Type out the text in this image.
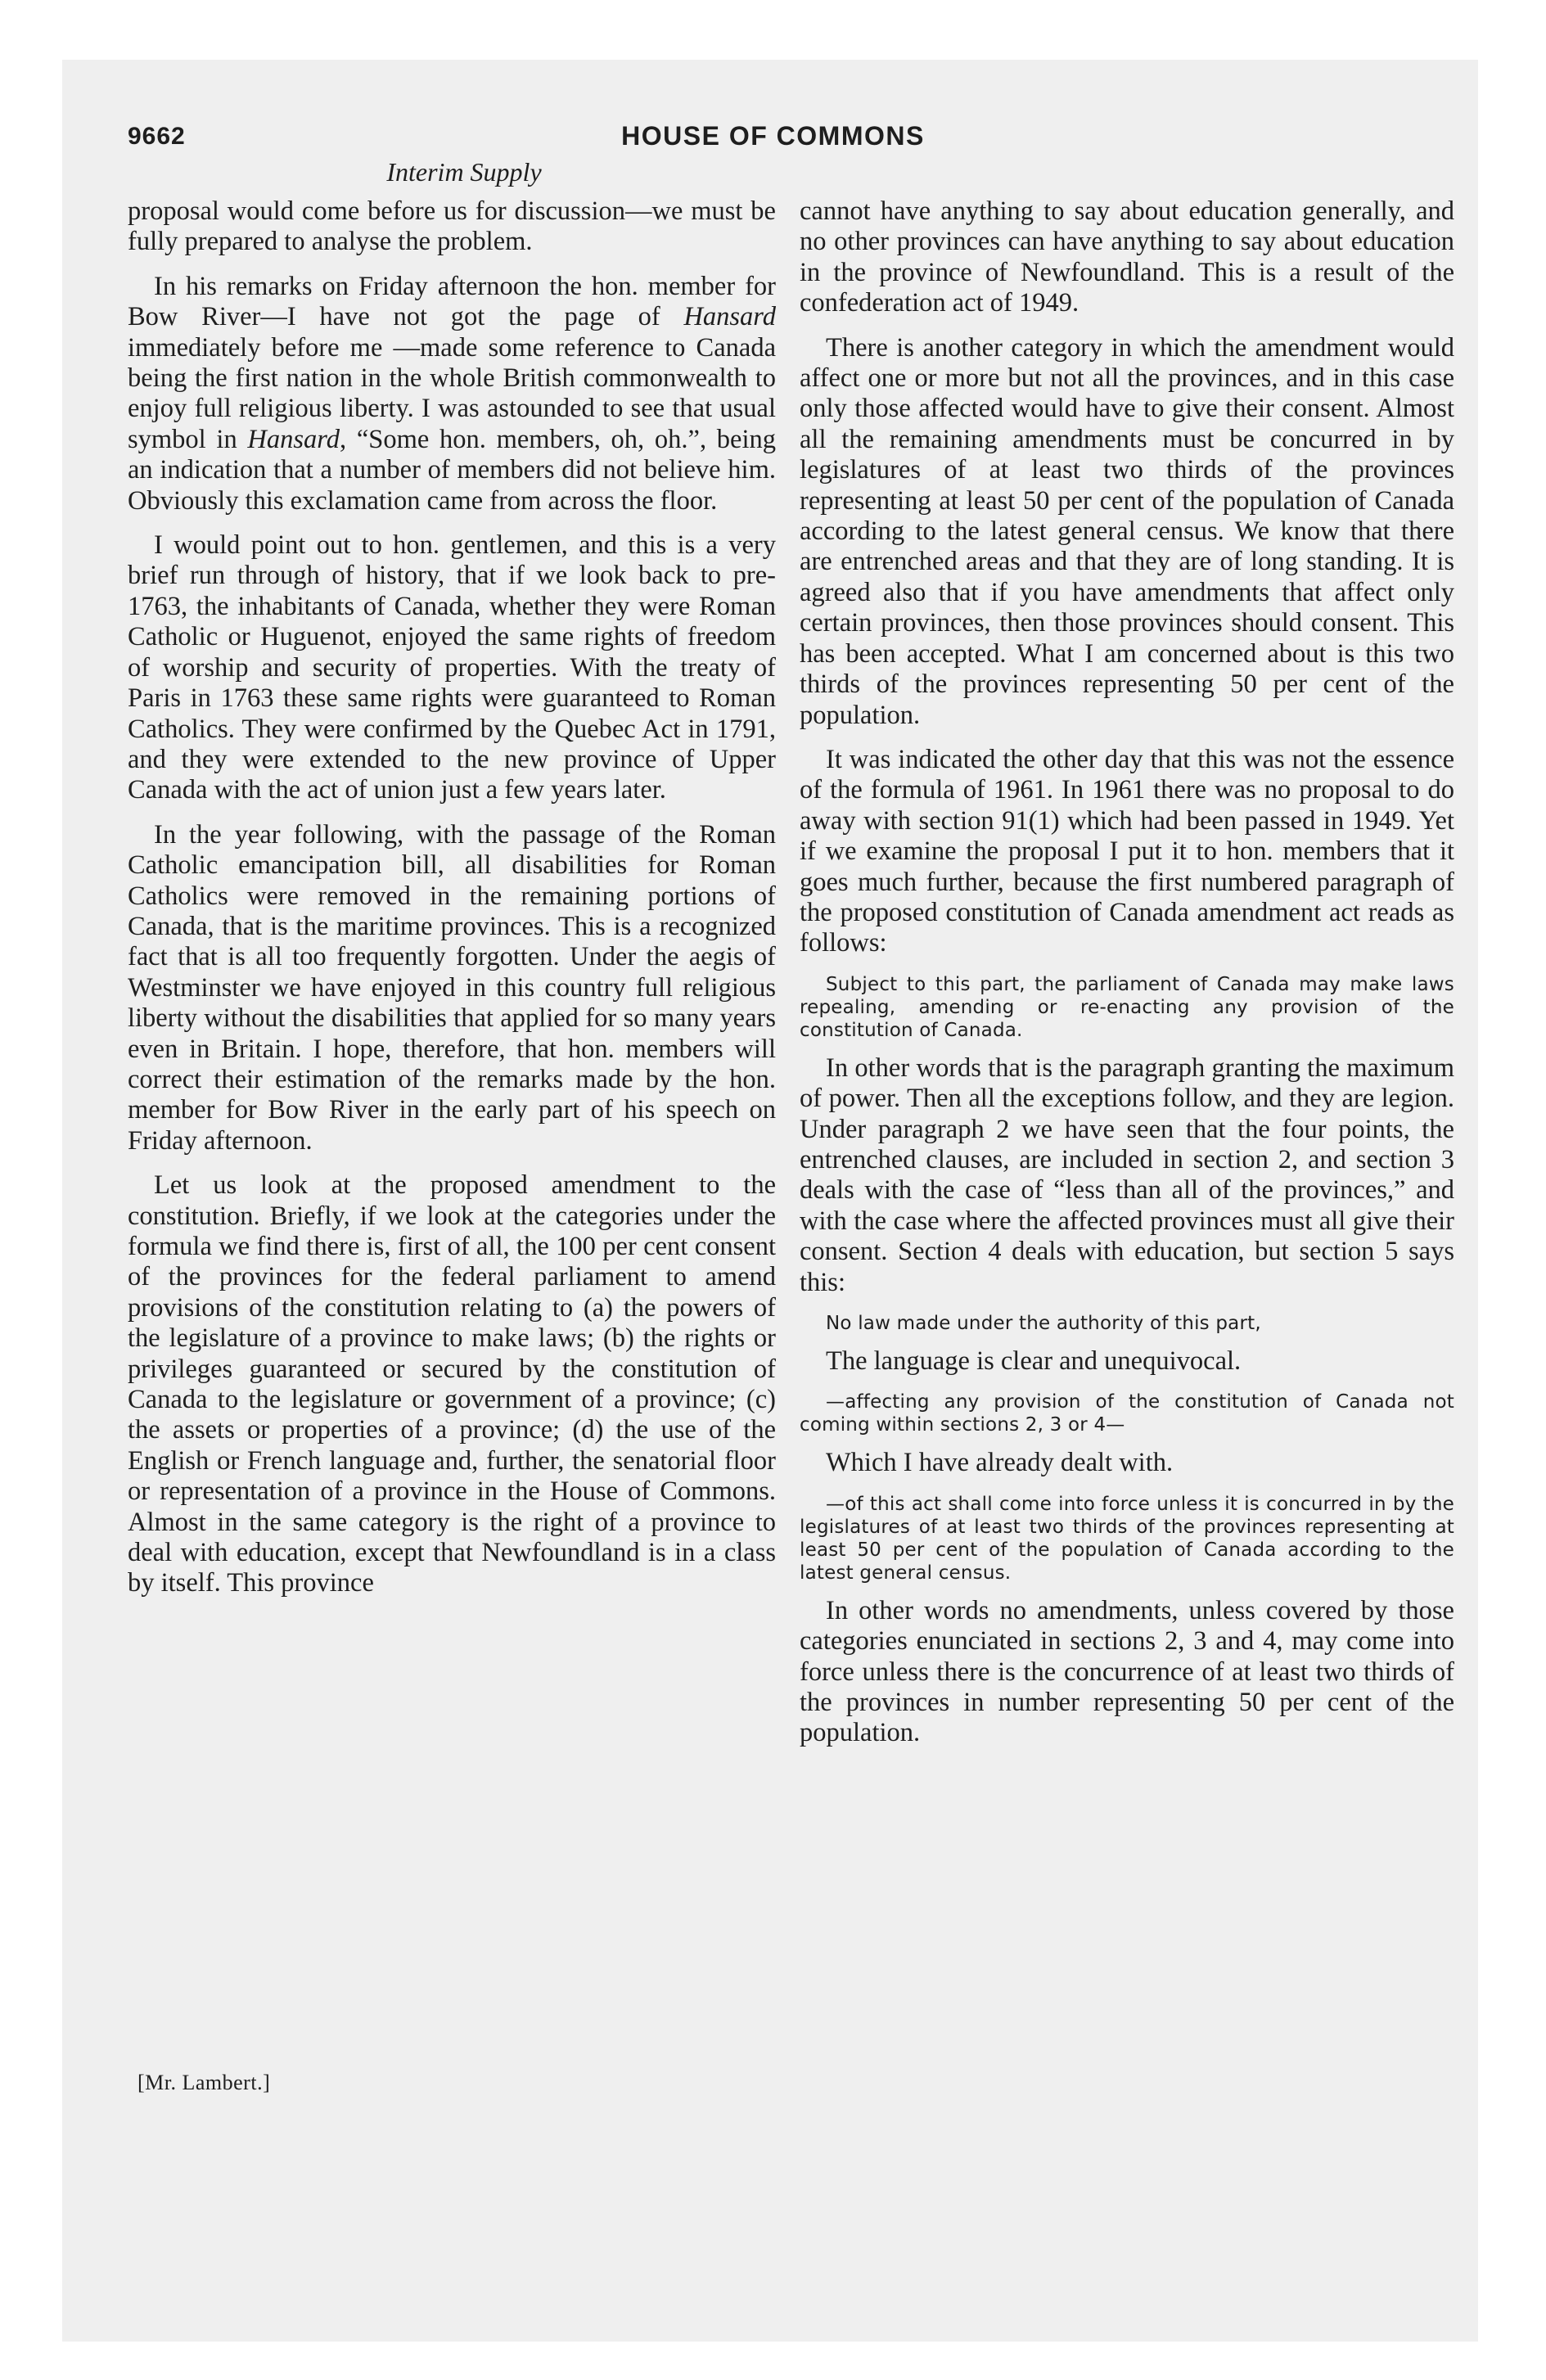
9662	HOUSE OF COMMONS
Interim Supply

proposal would come before us for discussion—we must be fully prepared to analyse the problem.

In his remarks on Friday afternoon the hon. member for Bow River—I have not got the page of Hansard immediately before me —made some reference to Canada being the first nation in the whole British commonwealth to enjoy full religious liberty. I was astounded to see that usual symbol in Hansard, “Some hon. members, oh, oh.”, being an indication that a number of members did not believe him. Obviously this exclamation came from across the floor.

I would point out to hon. gentlemen, and this is a very brief run through of history, that if we look back to pre-1763, the inhabitants of Canada, whether they were Roman Catholic or Huguenot, enjoyed the same rights of freedom of worship and security of properties. With the treaty of Paris in 1763 these same rights were guaranteed to Roman Catholics. They were confirmed by the Quebec Act in 1791, and they were extended to the new province of Upper Canada with the act of union just a few years later.

In the year following, with the passage of the Roman Catholic emancipation bill, all disabilities for Roman Catholics were removed in the remaining portions of Canada, that is the maritime provinces. This is a recognized fact that is all too frequently forgotten. Under the aegis of Westminster we have enjoyed in this country full religious liberty without the disabilities that applied for so many years even in Britain. I hope, therefore, that hon. members will correct their estimation of the remarks made by the hon. member for Bow River in the early part of his speech on Friday afternoon.

Let us look at the proposed amendment to the constitution. Briefly, if we look at the categories under the formula we find there is, first of all, the 100 per cent consent of the provinces for the federal parliament to amend provisions of the constitution relating to (a) the powers of the legislature of a province to make laws; (b) the rights or privileges guaranteed or secured by the constitution of Canada to the legislature or government of a province; (c) the assets or properties of a province; (d) the use of the English or French language and, further, the senatorial floor or representation of a province in the House of Commons. Almost in the same category is the right of a province to deal with education, except that Newfoundland is in a class by itself. This province

cannot have anything to say about education generally, and no other provinces can have anything to say about education in the province of Newfoundland. This is a result of the confederation act of 1949.

There is another category in which the amendment would affect one or more but not all the provinces, and in this case only those affected would have to give their consent. Almost all the remaining amendments must be concurred in by legislatures of at least two thirds of the provinces representing at least 50 per cent of the population of Canada according to the latest general census. We know that there are entrenched areas and that they are of long standing. It is agreed also that if you have amendments that affect only certain provinces, then those provinces should consent. This has been accepted. What I am concerned about is this two thirds of the provinces representing 50 per cent of the population.

It was indicated the other day that this was not the essence of the formula of 1961. In 1961 there was no proposal to do away with section 91(1) which had been passed in 1949. Yet if we examine the proposal I put it to hon. members that it goes much further, because the first numbered paragraph of the proposed constitution of Canada amendment act reads as follows:

Subject to this part, the parliament of Canada may make laws repealing, amending or re-enacting any provision of the constitution of Canada.

In other words that is the paragraph granting the maximum of power. Then all the exceptions follow, and they are legion. Under paragraph 2 we have seen that the four points, the entrenched clauses, are included in section 2, and section 3 deals with the case of “less than all of the provinces,” and with the case where the affected provinces must all give their consent. Section 4 deals with education, but section 5 says this:

No law made under the authority of this part,

The language is clear and unequivocal.

—affecting any provision of the constitution of Canada not coming within sections 2, 3 or 4—

Which I have already dealt with.

—of this act shall come into force unless it is concurred in by the legislatures of at least two thirds of the provinces representing at least 50 per cent of the population of Canada according to the latest general census.

In other words no amendments, unless covered by those categories enunciated in sections 2, 3 and 4, may come into force unless there is the concurrence of at least two thirds of the provinces in number representing 50 per cent of the population.

[Mr. Lambert.]
